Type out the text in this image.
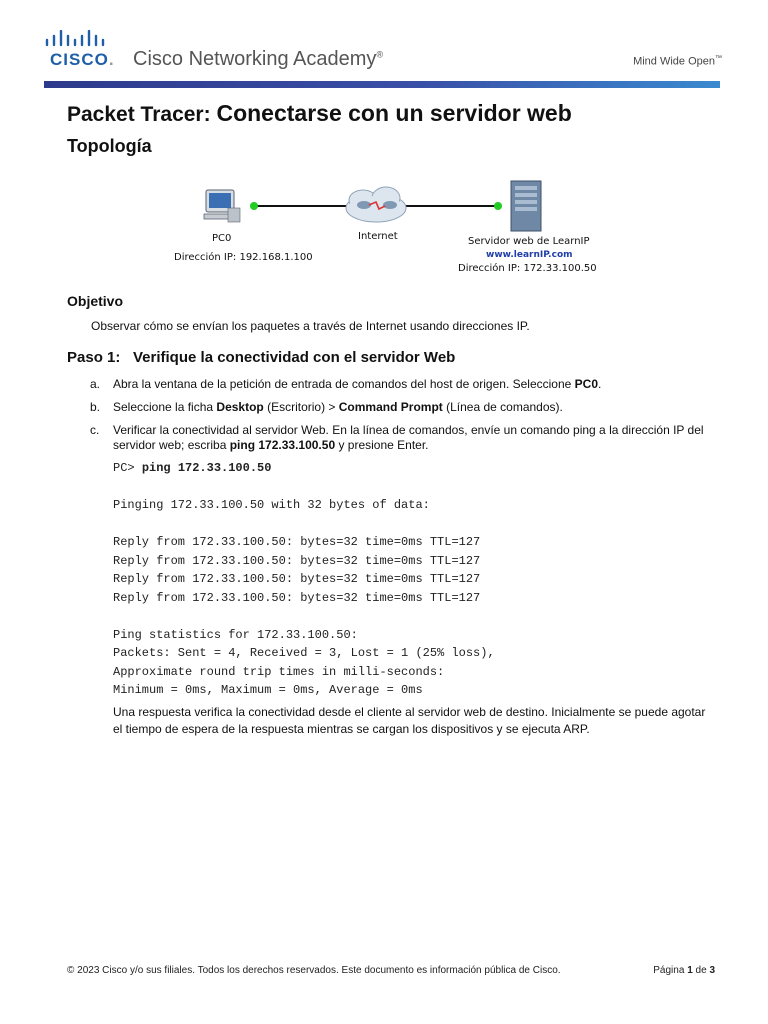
CISCO. Cisco Networking Academy®
Mind Wide Open™
Packet Tracer: Conectarse con un servidor web
Topología
PC0
Dirección IP: 192.168.1.100
Internet	Servidor web de LearnIP
www.learnIP.com
Dirección IP: 172.33.100.50
Objetivo
Observar cómo se envían los paquetes a través de Internet usando direcciones IP.
Paso 1: Verifique la conectividad con el servidor Web
a. Abra la ventana de la petición de entrada de comandos del host de origen. Seleccione PC0.
b. Seleccione la ficha Desktop (Escritorio) > Command Prompt (Línea de comandos).
c. Verificar la conectividad al servidor Web. En la línea de comandos, envíe un comando ping a la dirección IP del servidor web; escriba ping 172.33.100.50 y presione Enter.
PC> ping 172.33.100.50

Pinging 172.33.100.50 with 32 bytes of data:

Reply from 172.33.100.50: bytes=32 time=0ms TTL=127
Reply from 172.33.100.50: bytes=32 time=0ms TTL=127
Reply from 172.33.100.50: bytes=32 time=0ms TTL=127
Reply from 172.33.100.50: bytes=32 time=0ms TTL=127

Ping statistics for 172.33.100.50:
Packets: Sent = 4, Received = 3, Lost = 1 (25% loss),
Approximate round trip times in milli-seconds:
Minimum = 0ms, Maximum = 0ms, Average = 0ms
Una respuesta verifica la conectividad desde el cliente al servidor web de destino. Inicialmente se puede agotar el tiempo de espera de la respuesta mientras se cargan los dispositivos y se ejecuta ARP.
© 2023 Cisco y/o sus filiales. Todos los derechos reservados. Este documento es información pública de Cisco.	Página 1 de 3
